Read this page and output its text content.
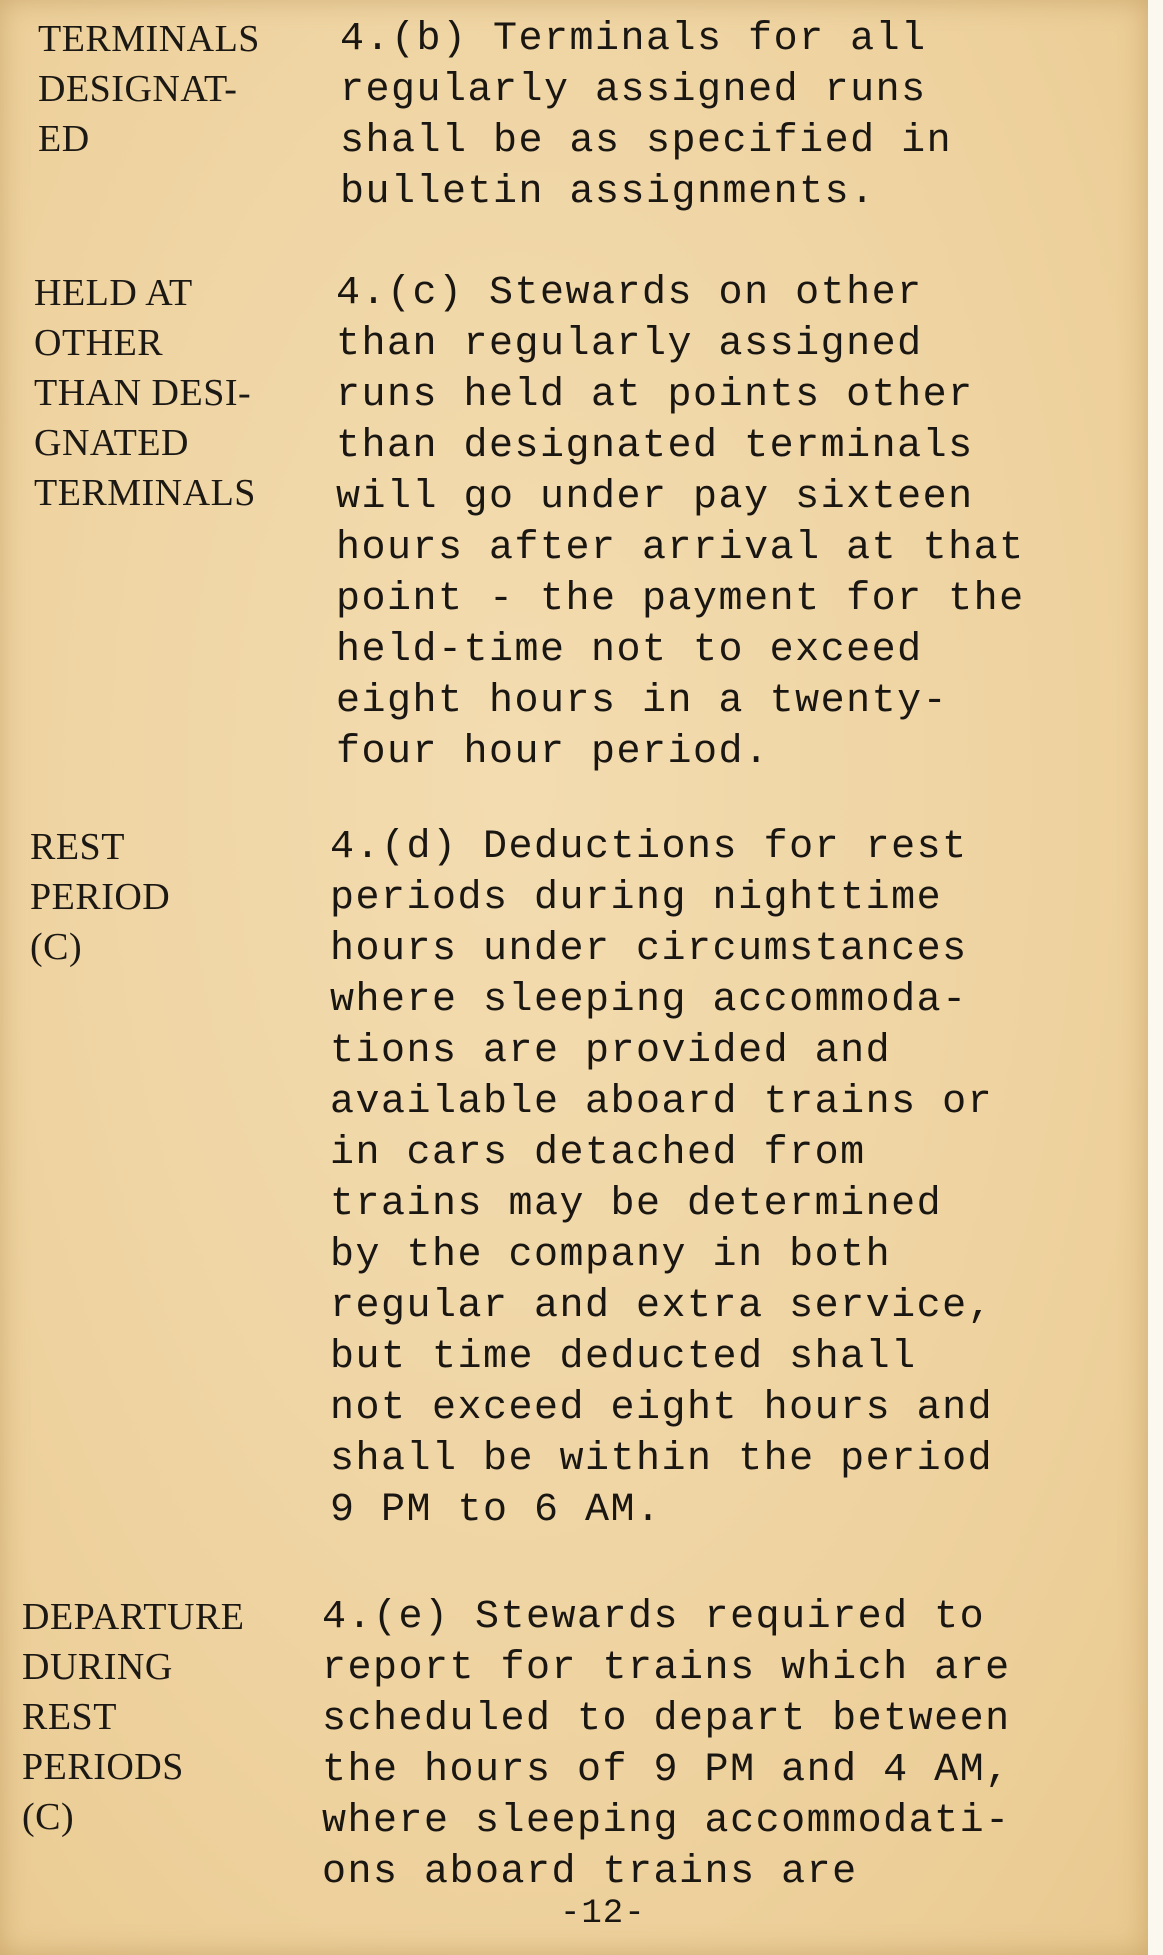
TERMINALS
DESIGNAT-
ED
4.(b) Terminals for all
regularly assigned runs
shall be as specified in
bulletin assignments.
HELD AT
OTHER
THAN DESI-
GNATED
TERMINALS
4.(c) Stewards on other
than regularly assigned
runs held at points other
than designated terminals
will go under pay sixteen
hours after arrival at that
point - the payment for the
held-time not to exceed
eight hours in a twenty-
four hour period.
REST
PERIOD
(C)
4.(d) Deductions for rest
periods during nighttime
hours under circumstances
where sleeping accommoda-
tions are provided and
available aboard trains or
in cars detached from
trains may be determined
by the company in both
regular and extra service,
but time deducted shall
not exceed eight hours and
shall be within the period
9 PM to 6 AM.
DEPARTURE
DURING
REST
PERIODS
(C)
4.(e) Stewards required to
report for trains which are
scheduled to depart between
the hours of 9 PM and 4 AM,
where sleeping accommodati-
ons aboard trains are
-12-
